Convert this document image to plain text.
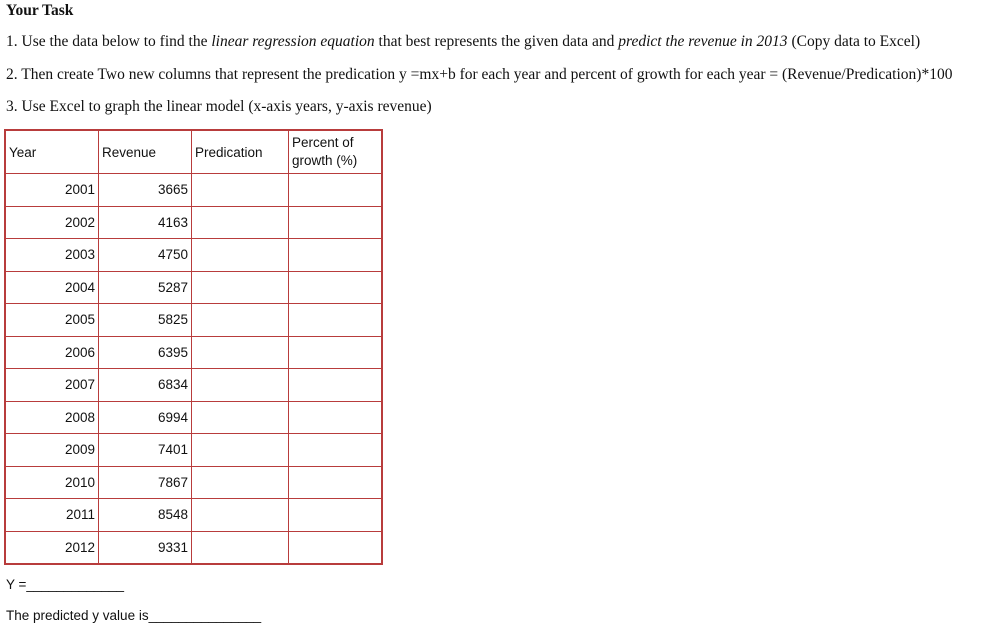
Your Task
1. Use the data below to find the linear regression equation that best represents the given data and predict the revenue in 2013 (Copy data to Excel)
2. Then create Two new columns that represent the predication y =mx+b for each year and percent of growth for each year = (Revenue/Predication)*100
3. Use Excel to graph the linear model (x-axis years, y-axis revenue)
Year	Revenue	Predication	Percent of
growth (%)
2001	3665		
2002	4163		
2003	4750		
2004	5287		
2005	5825		
2006	6395		
2007	6834		
2008	6994		
2009	7401		
2010	7867		
2011	8548		
2012	9331		
Y =_____________
The predicted y value is_______________
